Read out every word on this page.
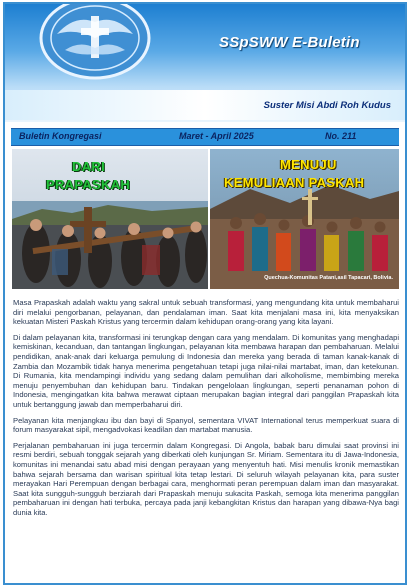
SSpSWW E-Buletin
Suster Misi Abdi Roh Kudus
Buletin Kongregasi	Maret - April 2025	No. 211
DARI
PRAPASKAH
MENUJU
KEMULIAAN PASKAH
Quechua-Komunitas Patani,asil Tapacari, Bolivia.

Masa Prapaskah adalah waktu yang sakral untuk sebuah transformasi, yang mengundang kita untuk membaharui diri melalui pengorbanan, pelayanan, dan pendalaman iman. Saat kita menjalani masa ini, kita menyaksikan kekuatan Misteri Paskah Kristus yang tercermin dalam kehidupan orang-orang yang kita layani.

Di dalam pelayanan kita, transformasi ini terungkap dengan cara yang mendalam. Di komunitas yang menghadapi kemiskinan, kecanduan, dan tantangan lingkungan, pelayanan kita membawa harapan dan pembaharuan. Melalui pendidikan, anak-anak dari keluarga pemulung di Indonesia dan mereka yang berada di taman kanak-kanak di Zambia dan Mozambik tidak hanya menerima pengetahuan tetapi juga nilai-nilai martabat, iman, dan ketekunan. Di Rumania, kita mendampingi individu yang sedang dalam pemulihan dari alkoholisme, membimbing mereka menuju penyembuhan dan kehidupan baru. Tindakan pengelolaan lingkungan, seperti penanaman pohon di Indonesia, mengingatkan kita bahwa merawat ciptaan merupakan bagian integral dari panggilan Prapaskah kita untuk bertanggung jawab dan memperbaharui diri.

Pelayanan kita menjangkau ibu dan bayi di Spanyol, sementara VIVAT International terus memperkuat suara di forum masyarakat sipil, mengadvokasi keadilan dan martabat manusia.

Perjalanan pembaharuan ini juga tercermin dalam Kongregasi. Di Angola, babak baru dimulai saat provinsi ini resmi berdiri, sebuah tonggak sejarah yang diberkati oleh kunjungan Sr. Miriam. Sementara itu di Jawa-Indonesia, komunitas ini menandai satu abad misi dengan perayaan yang menyentuh hati. Misi menulis kronik memastikan bahwa sejarah bersama dan warisan spiritual kita tetap lestari. Di seluruh wilayah pelayanan kita, para suster merayakan Hari Perempuan dengan berbagai cara, menghormati peran perempuan dalam iman dan masyarakat. Saat kita sungguh-sungguh berziarah dari Prapaskah menuju sukacita Paskah, semoga kita menerima panggilan pembaharuan ini dengan hati terbuka, percaya pada janji kebangkitan Kristus dan harapan yang dibawa-Nya bagi dunia kita.
